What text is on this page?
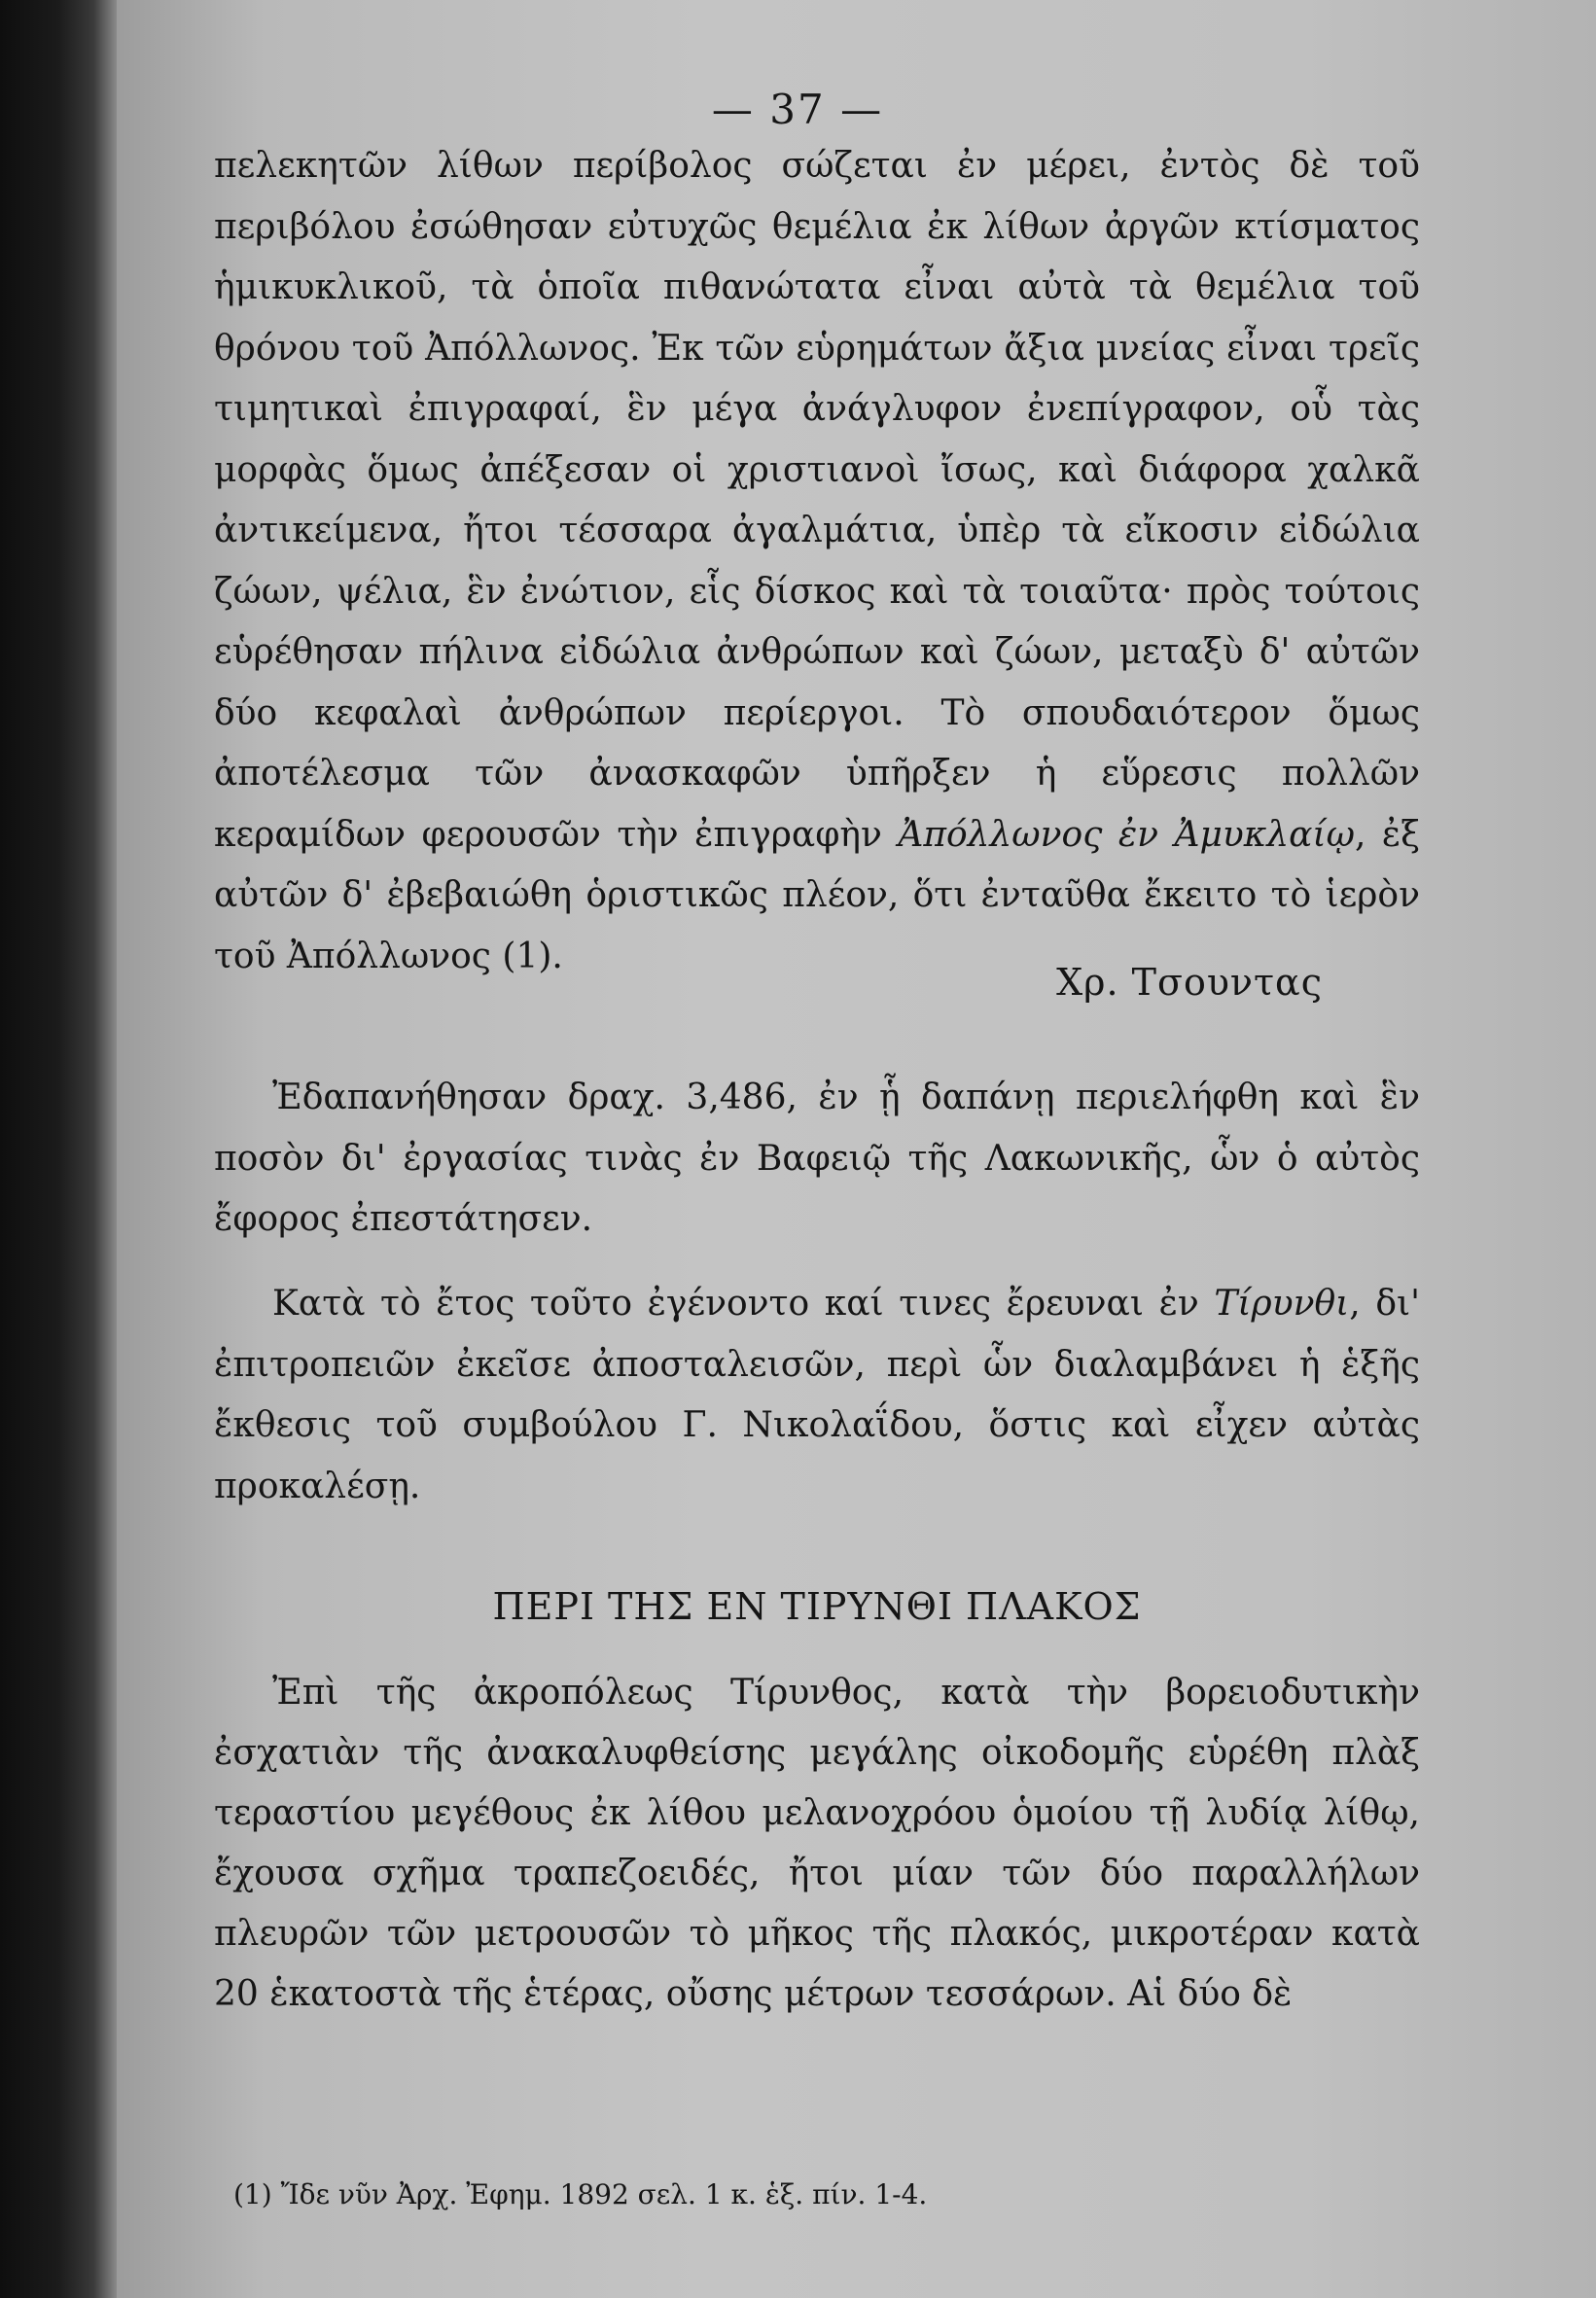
— 37 —
πελεκητῶν λίθων περίβολος σώζεται ἐν μέρει, ἐντὸς δὲ τοῦ περιβόλου ἐσώθησαν εὐτυχῶς θεμέλια ἐκ λίθων ἀργῶν κτίσματος ἡμικυκλικοῦ, τὰ ὁποῖα πιθανώτατα εἶναι αὐτὰ τὰ θεμέλια τοῦ θρόνου τοῦ Ἀπόλλωνος. Ἐκ τῶν εὑρημάτων ἄξια μνείας εἶναι τρεῖς τιμητικαὶ ἐπιγραφαί, ἓν μέγα ἀνάγλυφον ἐνεπίγραφον, οὗ τὰς μορφὰς ὅμως ἀπέξεσαν οἱ χριστιανοὶ ἴσως, καὶ διάφορα χαλκᾶ ἀντικείμενα, ἤτοι τέσσαρα ἀγαλμάτια, ὑπὲρ τὰ εἴκοσιν εἰδώλια ζώων, ψέλια, ἓν ἐνώτιον, εἷς δίσκος καὶ τὰ τοιαῦτα· πρὸς τούτοις εὑρέθησαν πήλινα εἰδώλια ἀνθρώπων καὶ ζώων, μεταξὺ δ' αὐτῶν δύο κεφαλαὶ ἀνθρώπων περίεργοι. Τὸ σπουδαιότερον ὅμως ἀποτέλεσμα τῶν ἀνασκαφῶν ὑπῆρξεν ἡ εὕρεσις πολλῶν κεραμίδων φερουσῶν τὴν ἐπιγραφὴν Ἀπόλλωνος ἐν Ἀμυκλαίῳ, ἐξ αὐτῶν δ' ἐβεβαιώθη ὁριστικῶς πλέον, ὅτι ἐνταῦθα ἔκειτο τὸ ἱερὸν τοῦ Ἀπόλλωνος (1).
Χρ. Τσουντας
Ἐδαπανήθησαν δραχ. 3,486, ἐν ᾗ δαπάνῃ περιελήφθη καὶ ἓν ποσὸν δι' ἐργασίας τινὰς ἐν Βαφειῷ τῆς Λακωνικῆς, ὧν ὁ αὐτὸς ἔφορος ἐπεστάτησεν.
Κατὰ τὸ ἔτος τοῦτο ἐγένοντο καί τινες ἔρευναι ἐν Τίρυνθι, δι' ἐπιτροπειῶν ἐκεῖσε ἀποσταλεισῶν, περὶ ὧν διαλαμβάνει ἡ ἑξῆς ἔκθεσις τοῦ συμβούλου Γ. Νικολαΐδου, ὅστις καὶ εἶχεν αὐτὰς προκαλέσῃ.
ΠΕΡΙ ΤΗΣ ΕΝ ΤΙΡΥΝΘΙ ΠΛΑΚΟΣ
Ἐπὶ τῆς ἀκροπόλεως Τίρυνθος, κατὰ τὴν βορειοδυτικὴν ἐσχατιὰν τῆς ἀνακαλυφθείσης μεγάλης οἰκοδομῆς εὑρέθη πλὰξ τεραστίου μεγέθους ἐκ λίθου μελανοχρόου ὁμοίου τῇ λυδίᾳ λίθῳ, ἔχουσα σχῆμα τραπεζοειδές, ἤτοι μίαν τῶν δύο παραλλήλων πλευρῶν τῶν μετρουσῶν τὸ μῆκος τῆς πλακός, μικροτέραν κατὰ 20 ἑκατοστὰ τῆς ἑτέρας, οὔσης μέτρων τεσσάρων. Αἱ δύο δὲ
(1) Ἴδε νῦν Ἀρχ. Ἐφημ. 1892 σελ. 1 κ. ἑξ. πίν. 1-4.
